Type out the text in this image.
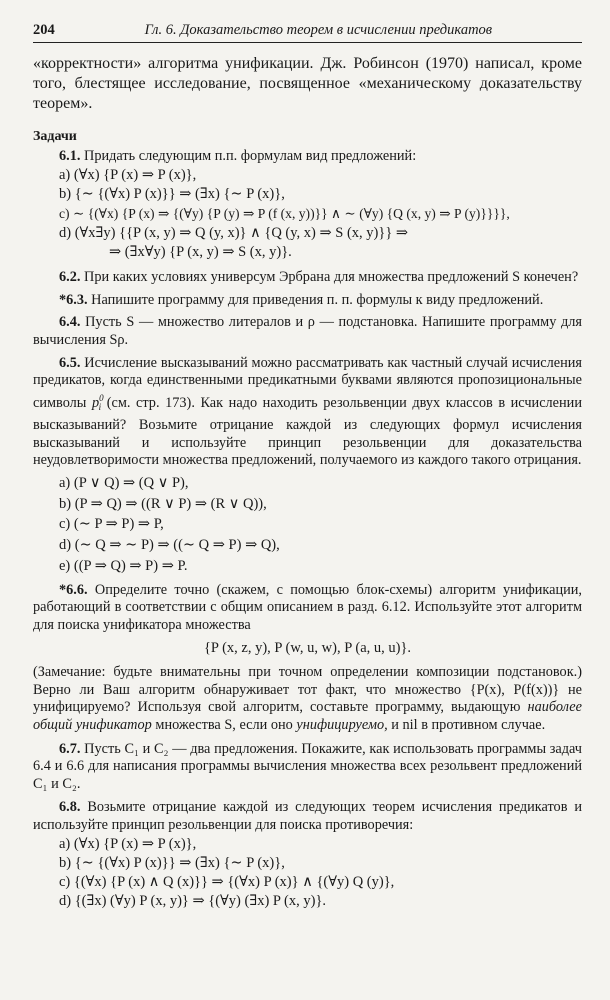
204	Гл. 6. Доказательство теорем в исчислении предикатов

«корректности» алгоритма унификации. Дж. Робинсон (1970) написал, кроме того, блестящее исследование, посвященное «механическому доказательству теорем».

Задачи

6.1. Придать следующим п.п. формулам вид предложений:

a) (∀x) {P (x) ⇒ P (x)},
b) {∼ {(∀x) P (x)}} ⇒ (∃x) {∼ P (x)},
c) ∼ {(∀x) {P (x) ⇒ {(∀y) {P (y) ⇒ P (f (x, y))}} ∧ ∼ (∀y) {Q (x, y) ⇒ P (y)}}}},
d) (∀x∃y) {{P (x, y) ⇒ Q (y, x)} ∧ {Q (y, x) ⇒ S (x, y)}} ⇒
⇒ (∃x∀y) {P (x, y) ⇒ S (x, y)}.

6.2. При каких условиях универсум Эрбрана для множества предложений S конечен?

*6.3. Напишите программу для приведения п. п. формулы к виду предложений.

6.4. Пусть S — множество литералов и ρ — подстановка. Напишите программу для вычисления Sρ.

6.5. Исчисление высказываний можно рассматривать как частный случай исчисления предикатов, когда единственными предикатными буквами являются пропозициональные символы $p^0_i$ (см. стр. 173). Как надо находить резольвенции двух классов в исчислении высказываний? Возьмите отрицание каждой из следующих формул исчисления высказываний и используйте принцип резольвенции для доказательства неудовлетворимости множества предложений, получаемого из каждого такого отрицания.

a) (P ∨ Q) ⇒ (Q ∨ P),
b) (P ⇒ Q) ⇒ ((R ∨ P) ⇒ (R ∨ Q)),
c) (∼ P ⇒ P) ⇒ P,
d) (∼ Q ⇒ ∼ P) ⇒ ((∼ Q ⇒ P) ⇒ Q),
e) ((P ⇒ Q) ⇒ P) ⇒ P.

*6.6. Определите точно (скажем, с помощью блок-схемы) алгоритм унификации, работающий в соответствии с общим описанием в разд. 6.12. Используйте этот алгоритм для поиска унификатора множества

{P (x, z, y), P (w, u, w), P (a, u, u)}.

(Замечание: будьте внимательны при точном определении композиции подстановок.) Верно ли Ваш алгоритм обнаруживает тот факт, что множество {P(x), P(f(x))} не унифицируемо? Используя свой алгоритм, составьте программу, выдающую наиболее общий унификатор множества S, если оно унифицируемо, и nil в противном случае.

6.7. Пусть C₁ и C₂ — два предложения. Покажите, как использовать программы задач 6.4 и 6.6 для написания программы вычисления множества всех резольвент предложений C₁ и C₂.

6.8. Возьмите отрицание каждой из следующих теорем исчисления предикатов и используйте принцип резольвенции для поиска противоречия:

a) (∀x) {P (x) ⇒ P (x)},
b) {∼ {(∀x) P (x)}} ⇒ (∃x) {∼ P (x)},
c) {(∀x) {P (x) ∧ Q (x)}} ⇒ {(∀x) P (x)} ∧ {(∀y) Q (y)},
d) {(∃x) (∀y) P (x, y)} ⇒ {(∀y) (∃x) P (x, y)}.
